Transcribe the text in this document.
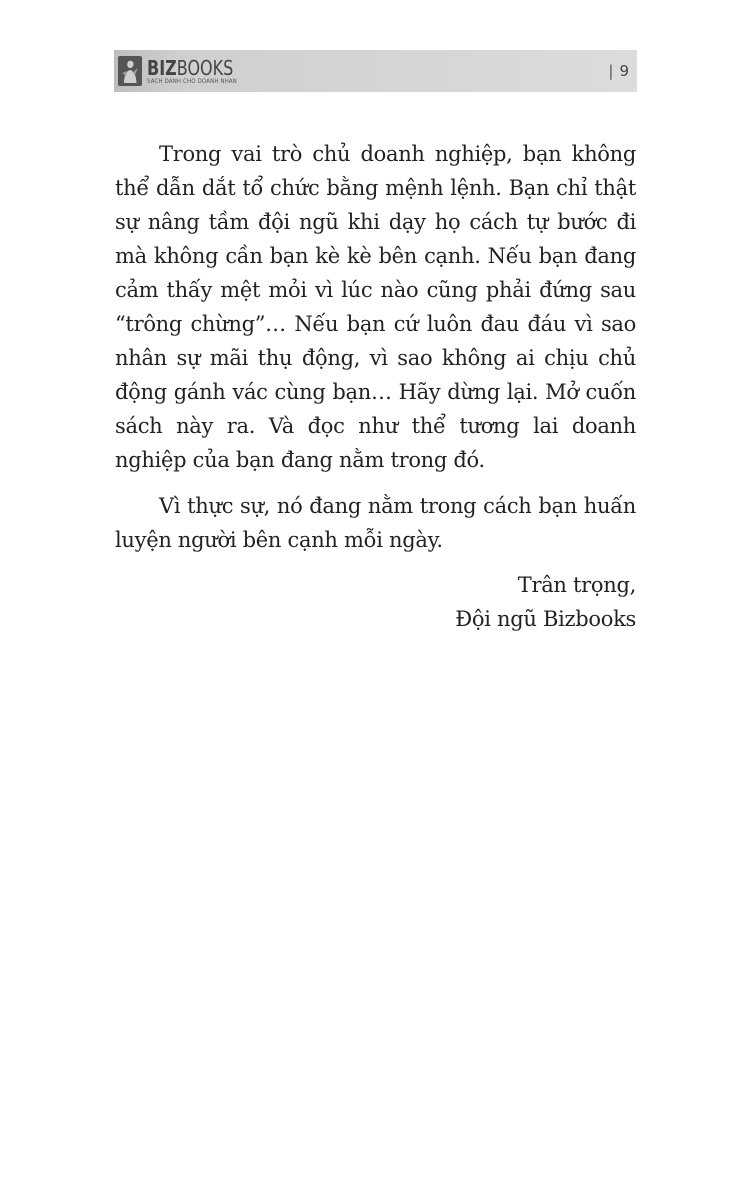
BIZBOOKS
SÁCH DÀNH CHO DOANH NHÂN
| 9

Trong vai trò chủ doanh nghiệp, bạn không thể dẫn dắt tổ chức bằng mệnh lệnh. Bạn chỉ thật sự nâng tầm đội ngũ khi dạy họ cách tự bước đi mà không cần bạn kè kè bên cạnh. Nếu bạn đang cảm thấy mệt mỏi vì lúc nào cũng phải đứng sau “trông chừng”… Nếu bạn cứ luôn đau đáu vì sao nhân sự mãi thụ động, vì sao không ai chịu chủ động gánh vác cùng bạn… Hãy dừng lại. Mở cuốn sách này ra. Và đọc như thể tương lai doanh nghiệp của bạn đang nằm trong đó.

Vì thực sự, nó đang nằm trong cách bạn huấn luyện người bên cạnh mỗi ngày.

Trân trọng,

Đội ngũ Bizbooks
